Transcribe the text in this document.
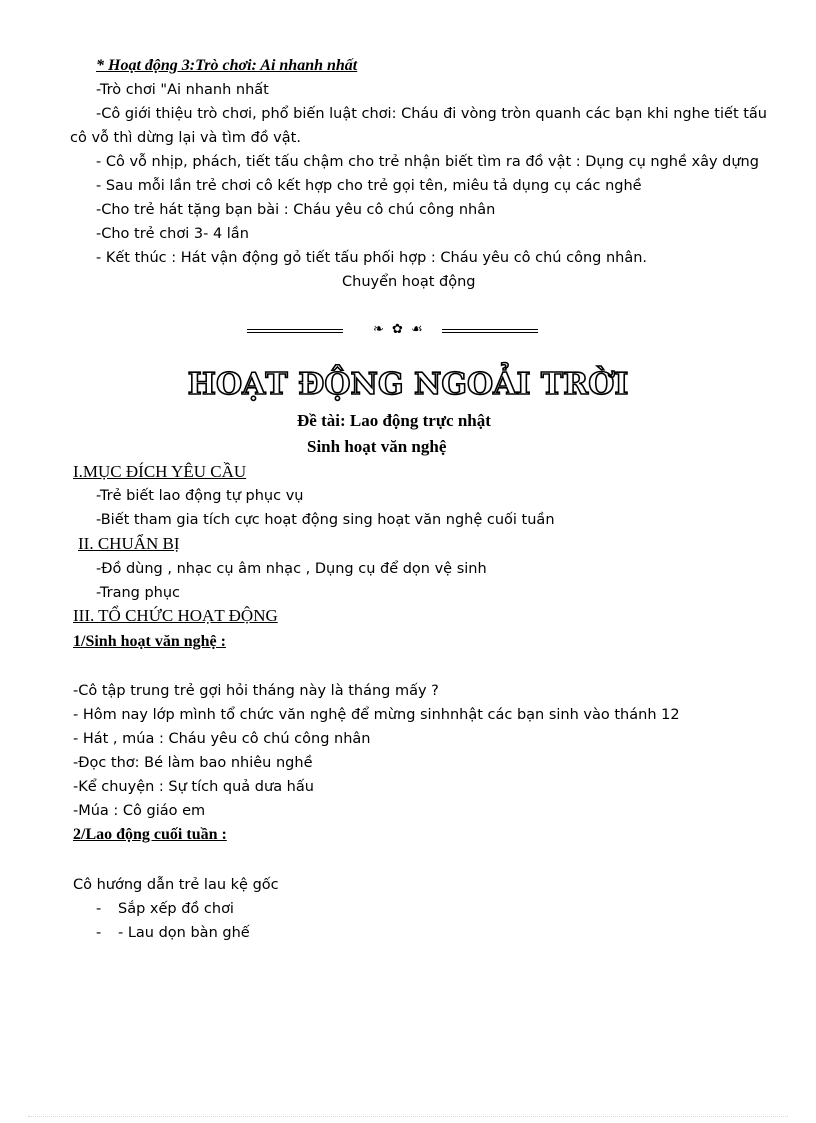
* Hoạt động 3:Trò chơi: Ai nhanh nhất
-Trò chơi "Ai nhanh nhất
-Cô giới thiệu trò chơi, phổ biến luật chơi: Cháu đi vòng tròn quanh các bạn khi nghe tiết tấu
cô vỗ thì dừng lại và tìm đồ vật.
- Cô vỗ nhịp, phách, tiết tấu chậm cho trẻ nhận biết tìm ra đồ vật : Dụng cụ nghề xây dựng
- Sau mỗi lần trẻ chơi cô kết hợp cho trẻ gọi tên, miêu tả dụng cụ các nghề
-Cho trẻ hát tặng bạn bài : Cháu yêu cô chú công nhân
-Cho trẻ chơi 3- 4 lần
- Kết thúc : Hát vận động gỏ tiết tấu phối hợp : Cháu yêu cô chú công nhân.
Chuyển hoạt động
❧ ✿ ☙
HOẠT ĐỘNG NGOẢI TRỜI
Đề tài: Lao động trực nhật
Sinh hoạt văn nghệ
I.MỤC ĐÍCH YÊU CẦU
-Trẻ biết lao động tự phục vụ
-Biết tham gia tích cực hoạt động sing hoạt văn nghệ cuối tuần
II. CHUẨN BỊ
-Đồ dùng , nhạc cụ âm nhạc , Dụng cụ để dọn vệ sinh
-Trang phục
III. TỔ CHỨC HOẠT ĐỘNG
1/Sinh hoạt văn nghệ :
-Cô tập trung trẻ gợi hỏi tháng này là tháng mấy ?
- Hôm nay lớp mình tổ chức văn nghệ để mừng sinhnhật các bạn sinh vào thánh 12
- Hát , múa : Cháu yêu cô chú công nhân
-Đọc thơ: Bé làm bao nhiêu nghề
-Kể chuyện : Sự tích quả dưa hấu
-Múa : Cô giáo em
2/Lao động cuối tuần :
Cô hướng dẫn trẻ lau kệ gốc
- Sắp xếp đồ chơi
- - Lau dọn bàn ghế
